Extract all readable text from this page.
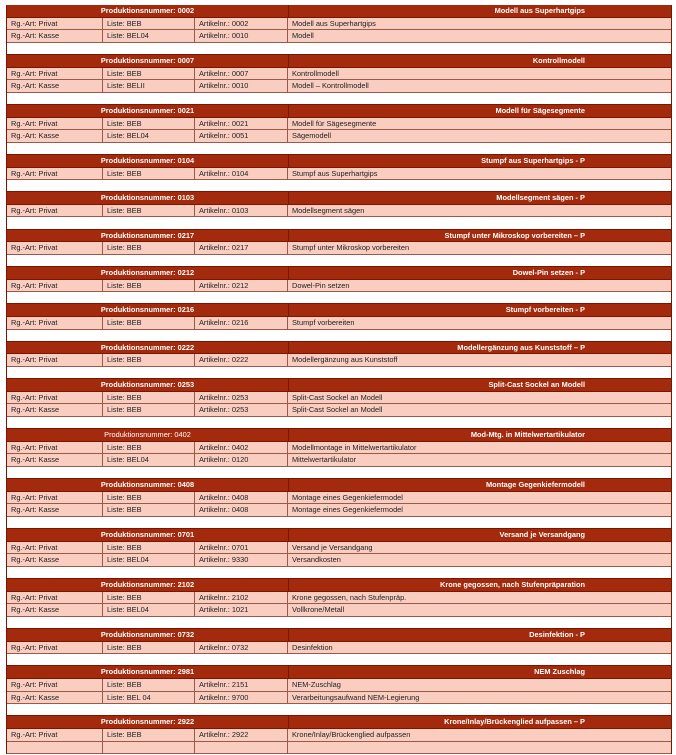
Produktionsnummer: 0002	Modell aus Superhartgips
Rg.-Art: Privat	Liste: BEB	Artikelnr.: 0002	Modell aus Superhartgips
Rg.-Art: Kasse	Liste: BEL04	Artikelnr.: 0010	Modell
Produktionsnummer: 0007	Kontrollmodell
Rg.-Art: Privat	Liste: BEB	Artikelnr.: 0007	Kontrollmodell
Rg.-Art: Kasse	Liste: BELII	Artikelnr.: 0010	Modell – Kontrollmodell
Produktionsnummer: 0021	Modell für Sägesegmente
Rg.-Art: Privat	Liste: BEB	Artikelnr.: 0021	Modell für Sägesegmente
Rg.-Art: Kasse	Liste: BEL04	Artikelnr.: 0051	Sägemodell
Produktionsnummer: 0104	Stumpf aus Superhartgips - P
Rg.-Art: Privat	Liste: BEB	Artikelnr.: 0104	Stumpf aus Superhartgips
Produktionsnummer: 0103	Modellsegment sägen - P
Rg.-Art: Privat	Liste: BEB	Artikelnr.: 0103	Modellsegment sägen
Produktionsnummer: 0217	Stumpf unter Mikroskop vorbereiten – P
Rg.-Art: Privat	Liste: BEB	Artikelnr.: 0217	Stumpf unter Mikroskop vorbereiten
Produktionsnummer: 0212	Dowel-Pin setzen - P
Rg.-Art: Privat	Liste: BEB	Artikelnr.: 0212	Dowel-Pin setzen
Produktionsnummer: 0216	Stumpf vorbereiten - P
Rg.-Art: Privat	Liste: BEB	Artikelnr.: 0216	Stumpf vorbereiten
Produktionsnummer: 0222	Modellergänzung aus Kunststoff – P
Rg.-Art: Privat	Liste: BEB	Artikelnr.: 0222	Modellergänzung aus Kunststoff
Produktionsnummer: 0253	Split-Cast Sockel an Modell
Rg.-Art: Privat	Liste: BEB	Artikelnr.: 0253	Split-Cast Sockel an Modell
Rg.-Art: Kasse	Liste: BEB	Artikelnr.: 0253	Split-Cast Sockel an Modell
Produktionsnummer: 0402	Mod-Mtg. in Mittelwertartikulator
Rg.-Art: Privat	Liste: BEB	Artikelnr.: 0402	Modellmontage in Mittelwertartikulator
Rg.-Art: Kasse	Liste: BEL04	Artikelnr.: 0120	Mittelwertartikulator
Produktionsnummer: 0408	Montage Gegenkiefermodell
Rg.-Art: Privat	Liste: BEB	Artikelnr.: 0408	Montage eines Gegenkiefermodel
Rg.-Art: Kasse	Liste: BEB	Artikelnr.: 0408	Montage eines Gegenkiefermodel
Produktionsnummer: 0701	Versand je Versandgang
Rg.-Art: Privat	Liste: BEB	Artikelnr.: 0701	Versand je Versandgang
Rg.-Art: Kasse	Liste: BEL04	Artikelnr.: 9330	Versandkosten
Produktionsnummer: 2102	Krone gegossen, nach Stufenpräparation
Rg.-Art: Privat	Liste: BEB	Artikelnr.: 2102	Krone gegossen, nach Stufenpräp.
Rg.-Art: Kasse	Liste: BEL04	Artikelnr.: 1021	Vollkrone/Metall
Produktionsnummer: 0732	Desinfektion - P
Rg.-Art: Privat	Liste: BEB	Artikelnr.: 0732	Desinfektion
Produktionsnummer: 2981	NEM Zuschlag
Rg.-Art: Privat	Liste: BEB	Artikelnr.: 2151	NEM-Zuschlag
Rg.-Art: Kasse	Liste: BEL 04	Artikelnr.: 9700	Verarbeitungsaufwand NEM-Legierung
Produktionsnummer: 2922	Krone/Inlay/Brückenglied aufpassen – P
Rg.-Art: Privat	Liste: BEB	Artikelnr.: 2922	Krone/Inlay/Brückenglied aufpassen
